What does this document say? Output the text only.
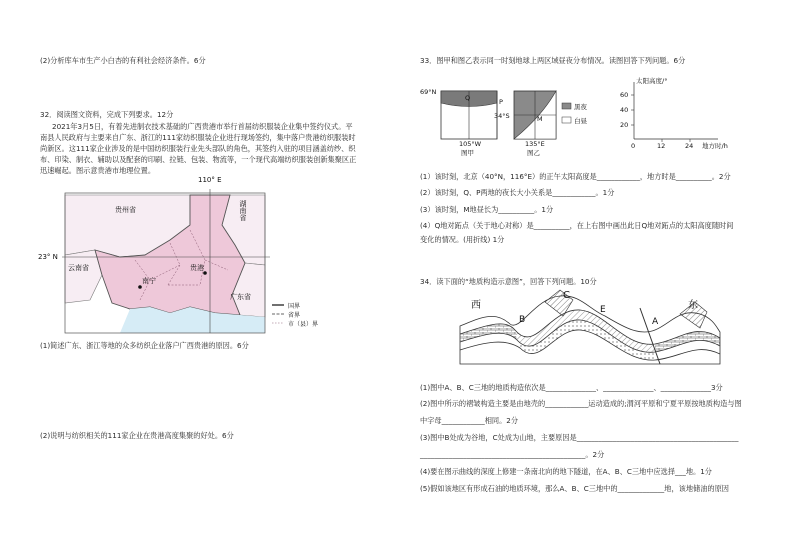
(2)分析库车市生产小白杏的有利社会经济条件。6分
32．阅读图文资料，完成下列要求。12分
2021年3月5日，有着先进制衣技术基础的广西贵港市举行首届纺织服装企业集中签约仪式。平
南县人民政府与主要来自广东、浙江的111家纺织服装企业进行现场签约，集中落户贵港纺织服装时
尚新区。这111家企业涉及的是中国纺织服装行业先头部队的角色，其签约入驻的项目涵盖纺纱、织
布、印染、制衣、辅助以及配套的印刷、拉链、包装、物流等，一个现代高端纺织服装创新集聚区正
迅速崛起。图示意贵港市地理位置。
110° E
23° N
贵州省	湖南省
云南省
广东省
南宁
贵港
国界
省界
市（县）界
(1)简述广东、浙江等地的众多纺织企业落户广西贵港的原因。6分
(2)说明与纺织相关的111家企业在贵港高度集聚的好处。6分
33．图甲和图乙表示同一时刻地球上两区域昼夜分布情况。读图回答下列问题。6分
69°N
Q	P
105°W
图甲
34°S	M
135°E
图乙
黑夜
白昼
太阳高度/°
60
40
20
0	12	24 地方时/h
(1）该时刻，北京（40°N，116°E）的正午太阳高度是____________，地方时是__________。2分
(2）该时刻，Q、P两地的夜长大小关系是____________。1分
(3）该时刻，M地昼长为__________。1分
(4）Q地对跖点（关于地心对称）是__________，在上右图中画出此日Q地对跖点的太阳高度随时间
变化的情况。(用折线) 1分
34．读下面的“地质构造示意图”，回答下列问题。10分
西	东
A
B
C
E
(1)图中A、B、C三地的地质构造依次是______________、______________、______________3分
(2)图中所示的褶皱构造主要是由地壳的____________运动造成的;渭河平原和宁夏平原按地质构造与图
中字母____________相同。2分
(3)图中B处成为谷地，C处成为山地，主要原因是_____________________________________________
______________________________________________。2分
(4)要在图示曲线的深度上修建一条南北向的地下隧道，在A、B、C三地中应选择___地。1分
(5)假如该地区有形成石油的地质环境，那么A、B、C三地中的_____________地，该地储油的原因
